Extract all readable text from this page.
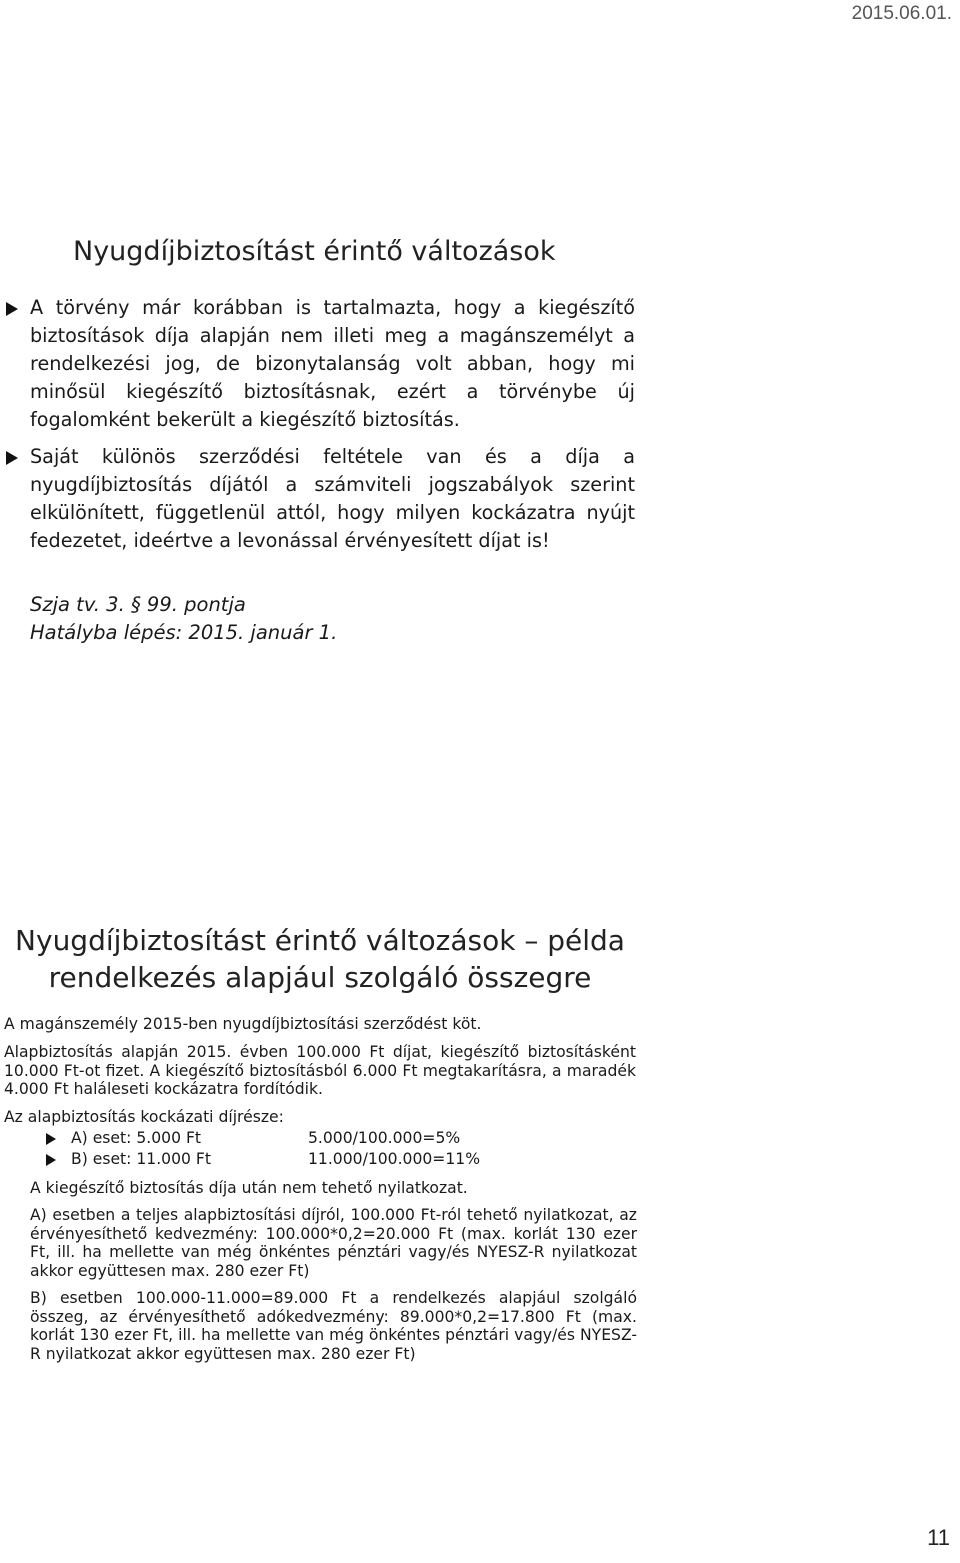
2015.06.01.
Nyugdíjbiztosítást érintő változások

A törvény már korábban is tartalmazta, hogy a kiegészítő biztosítások díja alapján nem illeti meg a magánszemélyt a rendelkezési jog, de bizonytalanság volt abban, hogy mi minősül kiegészítő biztosításnak, ezért a törvénybe új fogalomként bekerült a kiegészítő biztosítás.

Saját különös szerződési feltétele van és a díja a nyugdíjbiztosítás díjától a számviteli jogszabályok szerint elkülönített, függetlenül attól, hogy milyen kockázatra nyújt fedezetet, ideértve a levonással érvényesített díjat is!

Szja tv. 3. § 99. pontja
Hatályba lépés: 2015. január 1.
Nyugdíjbiztosítást érintő változások – példa rendelkezés alapjául szolgáló összegre

A magánszemély 2015-ben nyugdíjbiztosítási szerződést köt.

Alapbiztosítás alapján 2015. évben 100.000 Ft díjat, kiegészítő biztosításként 10.000 Ft-ot fizet. A kiegészítő biztosításból 6.000 Ft megtakarításra, a maradék 4.000 Ft haláleseti kockázatra fordítódik.

Az alapbiztosítás kockázati díjrésze:

A) eset: 5.000 Ft	5.000/100.000=5%
B) eset: 11.000 Ft	11.000/100.000=11%

A kiegészítő biztosítás díja után nem tehető nyilatkozat.

A) esetben a teljes alapbiztosítási díjról, 100.000 Ft-ról tehető nyilatkozat, az érvényesíthető kedvezmény: 100.000*0,2=20.000 Ft (max. korlát 130 ezer Ft, ill. ha mellette van még önkéntes pénztári vagy/és NYESZ-R nyilatkozat akkor együttesen max. 280 ezer Ft)

B) esetben 100.000-11.000=89.000 Ft a rendelkezés alapjául szolgáló összeg, az érvényesíthető adókedvezmény: 89.000*0,2=17.800 Ft (max. korlát 130 ezer Ft, ill. ha mellette van még önkéntes pénztári vagy/és NYESZ-R nyilatkozat akkor együttesen max. 280 ezer Ft)

11
